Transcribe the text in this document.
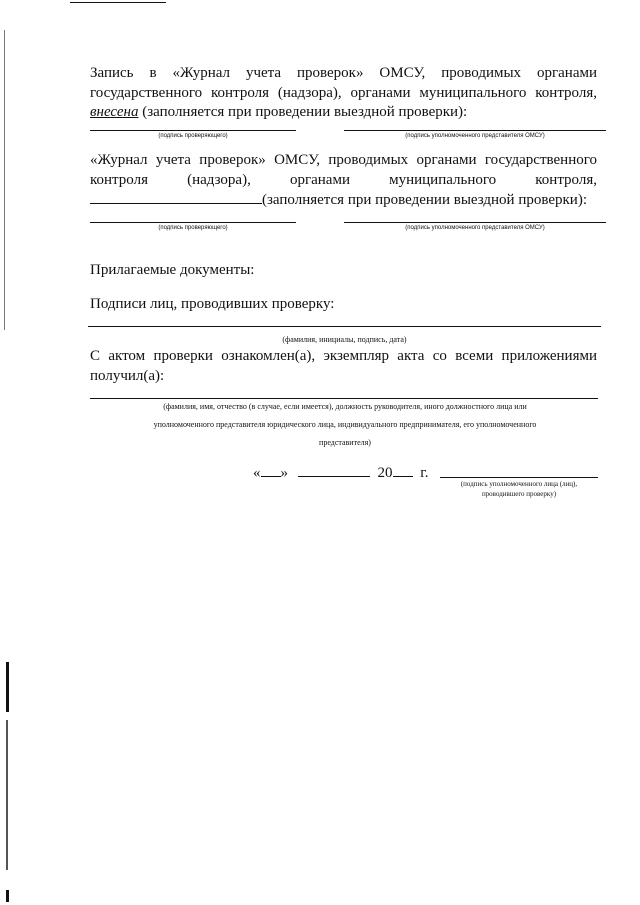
Запись в «Журнал учета проверок» ОМСУ, проводимых органами государственного контроля (надзора), органами муниципального контроля, внесена (заполняется при проведении выездной проверки):
(подпись проверяющего)	(подпись уполномоченного представителя ОМСУ)
«Журнал учета проверок» ОМСУ, проводимых органами государственного
контроля (надзора), органами муниципального контроля,
(заполняется при проведении выездной проверки):
(подпись проверяющего)	(подпись уполномоченного представителя ОМСУ)
Прилагаемые документы:
Подписи лиц, проводивших проверку:
(фамилия, инициалы, подпись, дата)
С актом проверки ознакомлен(а), экземпляр акта со всеми приложениями получил(а):
(фамилия, имя, отчество (в случае, если имеется), должность руководителя, иного должностного лица или
уполномоченного представителя юридического лица, индивидуального предпринимателя, его уполномоченного
представителя)
« »	20 г.
(подпись уполномоченного лица (лиц),
проводившего проверку)
